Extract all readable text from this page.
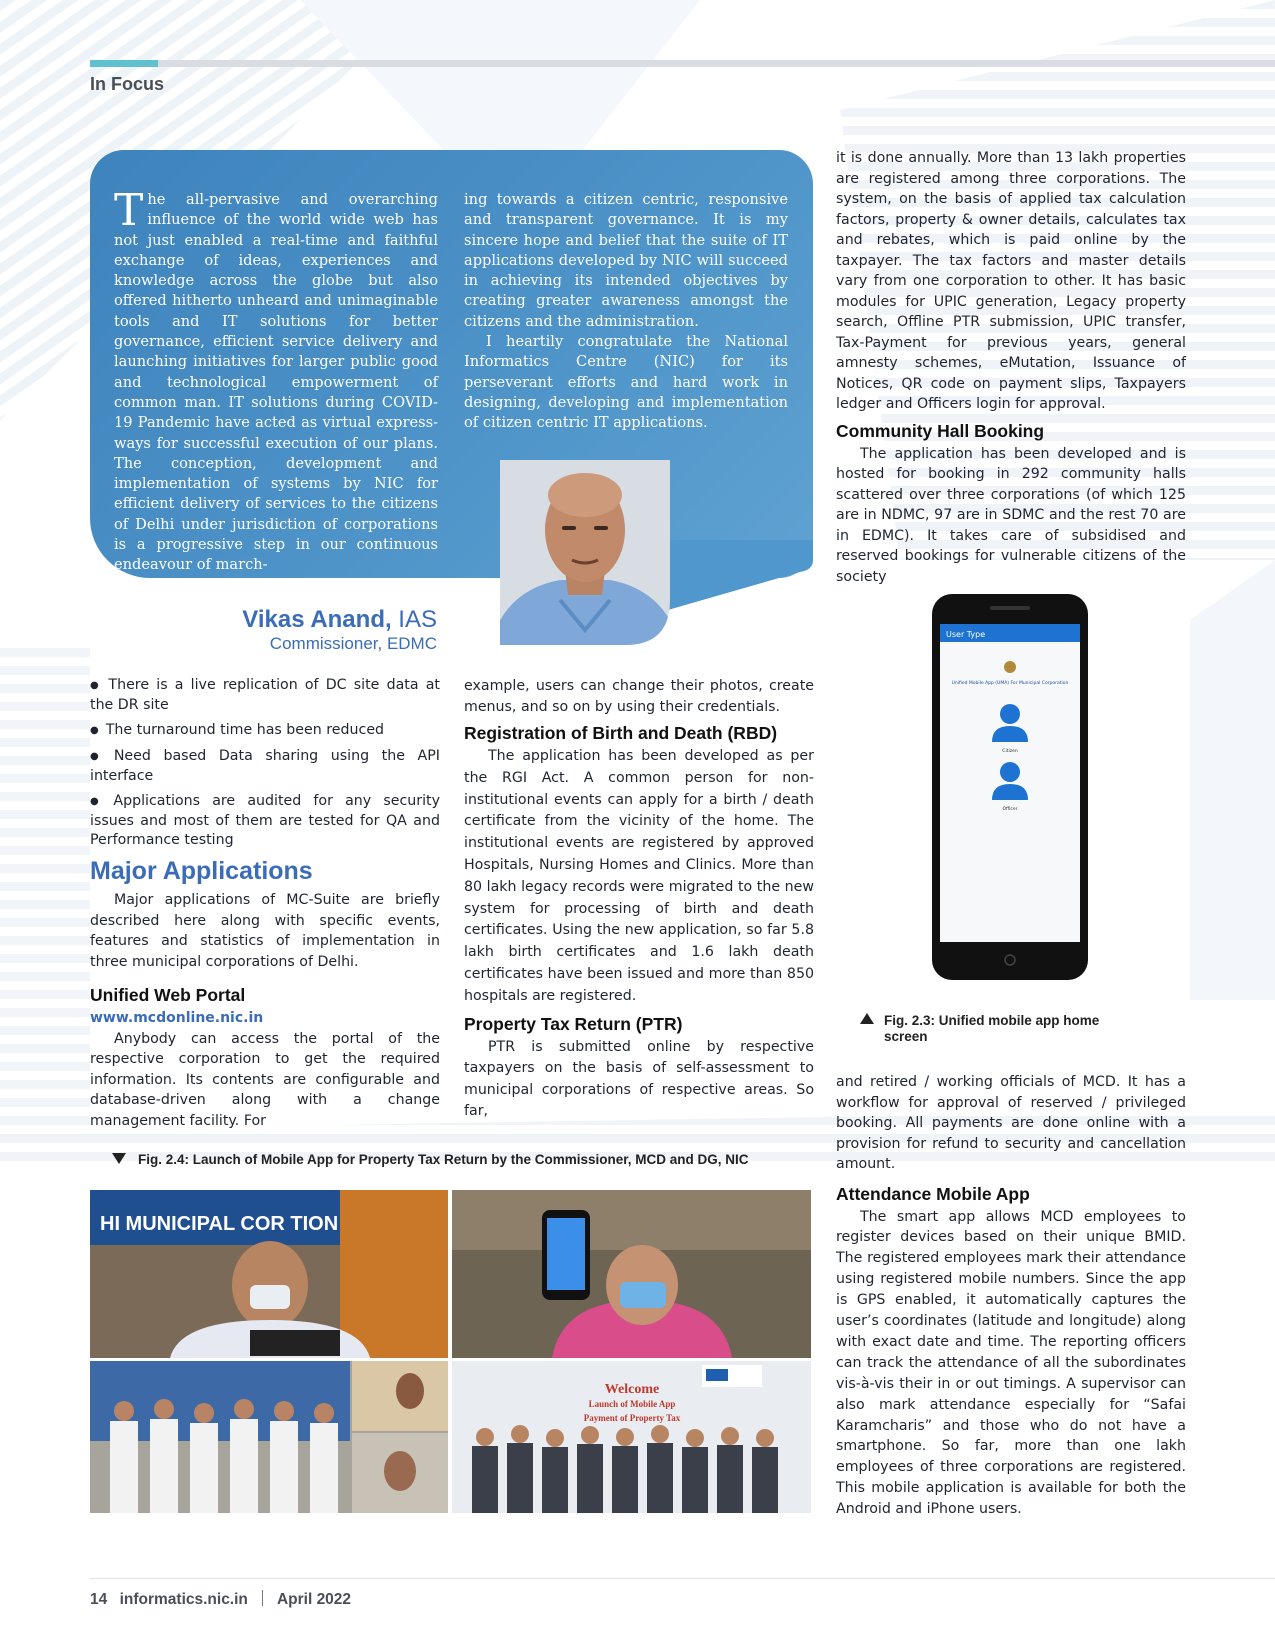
In Focus

The all-pervasive and overarching influence of the world wide web has not just enabled a real-time and faithful exchange of ideas, experiences and knowledge across the globe but also offered hitherto unheard and unimaginable tools and IT solutions for better governance, efficient service delivery and launching initiatives for larger public good and technological empowerment of common man. IT solutions during COVID-19 Pandemic have acted as virtual express-ways for successful execution of our plans. The conception, development and implementation of systems by NIC for efficient delivery of services to the citizens of Delhi under jurisdiction of corporations is a progressive step in our continuous endeavour of march-

ing towards a citizen centric, responsive and transparent governance. It is my sincere hope and belief that the suite of IT applications developed by NIC will succeed in achieving its intended objectives by creating greater awareness amongst the citizens and the administration.

I heartily congratulate the National Informatics Centre (NIC) for its perseverant efforts and hard work in designing, developing and implementation of citizen centric IT applications.

Vikas Anand, IAS
Commissioner, EDMC
● There is a live replication of DC site data at the DR site
● The turnaround time has been reduced
● Need based Data sharing using the API interface
● Applications are audited for any security issues and most of them are tested for QA and Performance testing
Major Applications

Major applications of MC-Suite are briefly described here along with specific events, features and statistics of implementation in three municipal corporations of Delhi.

Unified Web Portal

www.mcdonline.nic.in

Anybody can access the portal of the respective corporation to get the required information. Its contents are configurable and database-driven along with a change management facility. For

example, users can change their photos, create menus, and so on by using their credentials.

Registration of Birth and Death (RBD)

The application has been developed as per the RGI Act. A common person for non-institutional events can apply for a birth / death certificate from the vicinity of the home. The institutional events are registered by approved Hospitals, Nursing Homes and Clinics. More than 80 lakh legacy records were migrated to the new system for processing of birth and death certificates. Using the new application, so far 5.8 lakh birth certificates and 1.6 lakh death certificates have been issued and more than 850 hospitals are registered.

Property Tax Return (PTR)

PTR is submitted online by respective taxpayers on the basis of self-assessment to municipal corporations of respective areas. So far,

it is done annually. More than 13 lakh properties are registered among three corporations. The system, on the basis of applied tax calculation factors, property & owner details, calculates tax and rebates, which is paid online by the taxpayer. The tax factors and master details vary from one corporation to other. It has basic modules for UPIC generation, Legacy property search, Offline PTR submission, UPIC transfer, Tax-Payment for previous years, general amnesty schemes, eMutation, Issuance of Notices, QR code on payment slips, Taxpayers ledger and Officers login for approval.

Community Hall Booking

The application has been developed and is hosted for booking in 292 community halls scattered over three corporations (of which 125 are in NDMC, 97 are in SDMC and the rest 70 are in EDMC). It takes care of subsidised and reserved bookings for vulnerable citizens of the society

User Type
Unified Mobile App (UMA) For Municipal Corporation
Citizen
Officer
Fig. 2.3: Unified mobile app home screen

and retired / working officials of MCD. It has a workflow for approval of reserved / privileged booking. All payments are done online with a provision for refund to security and cancellation amount.

Attendance Mobile App

The smart app allows MCD employees to register devices based on their unique BMID. The registered employees mark their attendance using registered mobile numbers. Since the app is GPS enabled, it automatically captures the user’s coordinates (latitude and longitude) along with exact date and time. The reporting officers can track the attendance of all the subordinates vis-à-vis their in or out timings. A supervisor can also mark attendance especially for “Safai Karamcharis” and those who do not have a smartphone. So far, more than one lakh employees of three corporations are registered. This mobile application is available for both the Android and iPhone users.

Fig. 2.4: Launch of Mobile App for Property Tax Return by the Commissioner, MCD and DG, NIC
HI MUNICIPAL COR TION
Welcome
Launch of Mobile App
Payment of Property Tax
14 informatics.nic.in April 2022
